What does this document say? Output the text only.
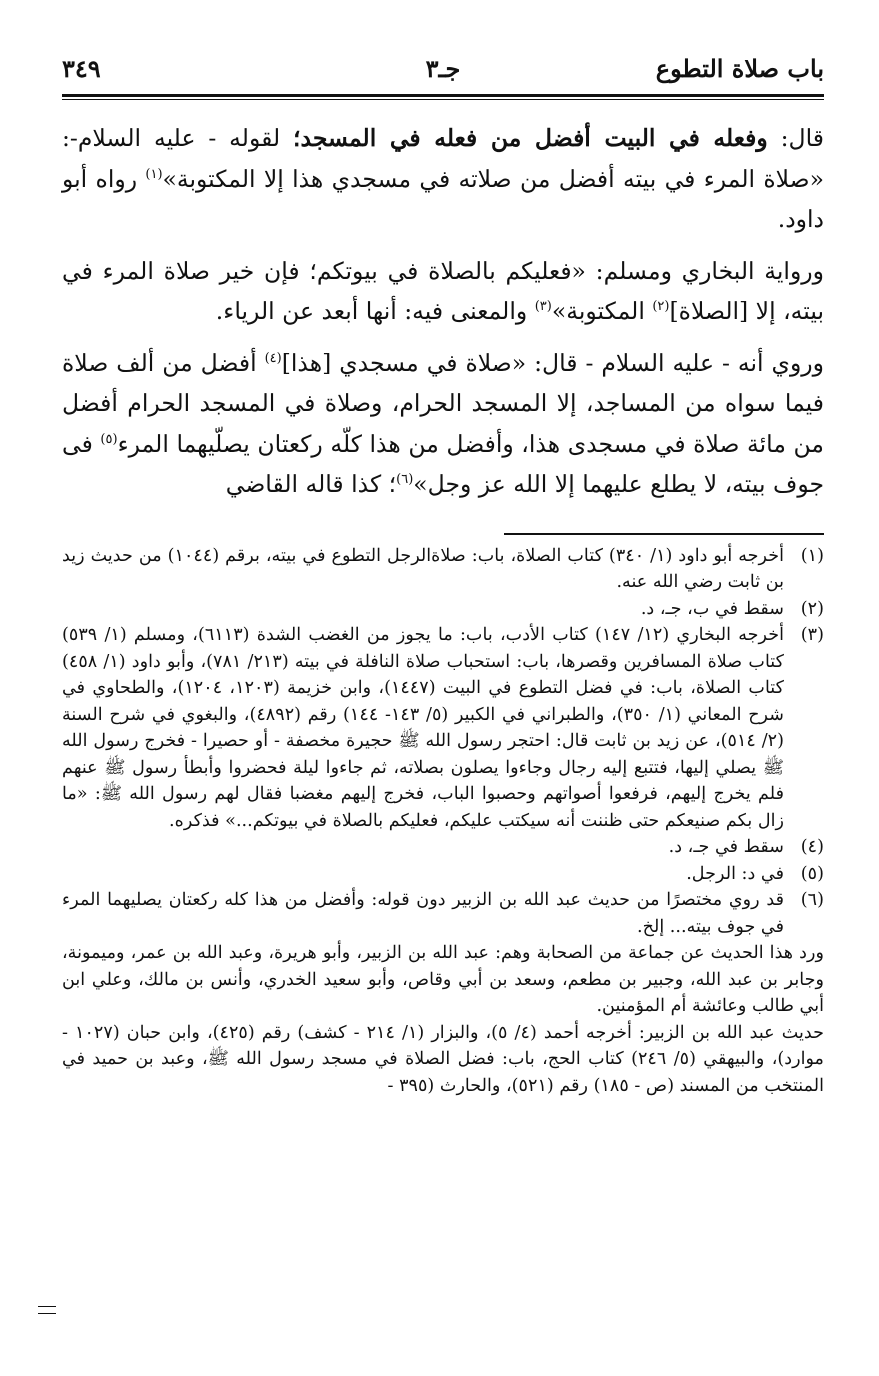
باب صلاة التطوع
جـ٣
٣٤٩

قال: وفعله في البيت أفضل من فعله في المسجد؛ لقوله - عليه السلام-: «صلاة المرء في بيته أفضل من صلاته في مسجدي هذا إلا المكتوبة»$^{(١)}$ رواه أبو داود.

ورواية البخاري ومسلم: «فعليكم بالصلاة في بيوتكم؛ فإن خير صلاة المرء في بيته، إلا [الصلاة]$^{(٢)}$ المكتوبة»$^{(٣)}$ والمعنى فيه: أنها أبعد عن الرياء.

وروي أنه - عليه السلام - قال: «صلاة في مسجدي [هذا]$^{(٤)}$ أفضل من ألف صلاة فيما سواه من المساجد، إلا المسجد الحرام، وصلاة في المسجد الحرام أفضل من مائة صلاة في مسجدى هذا، وأفضل من هذا كلّه ركعتان يصلّيهما المرء$^{(٥)}$ فى جوف بيته، لا يطلع عليهما إلا الله عز وجل»$^{(٦)}$؛ كذا قاله القاضي

(١)
أخرجه أبو داود (١/ ٣٤٠) كتاب الصلاة، باب: صلاةالرجل التطوع في بيته، برقم (١٠٤٤) من حديث زيد بن ثابت رضي الله عنه.
(٢)
سقط في ب، جـ، د.
(٣)
أخرجه البخاري (١٢/ ١٤٧) كتاب الأدب، باب: ما يجوز من الغضب الشدة (٦١١٣)، ومسلم (١/ ٥٣٩) كتاب صلاة المسافرين وقصرها، باب: استحباب صلاة النافلة في بيته (٢١٣/ ٧٨١)، وأبو داود (١/ ٤٥٨) كتاب الصلاة، باب: في فضل التطوع في البيت (١٤٤٧)، وابن خزيمة (١٢٠٣، ١٢٠٤)، والطحاوي في شرح المعاني (١/ ٣٥٠)، والطبراني في الكبير (٥/ ١٤٣- ١٤٤) رقم (٤٨٩٢)، والبغوي في شرح السنة (٢/ ٥١٤)، عن زيد بن ثابت قال: احتجر رسول الله ﷺ حجيرة مخصفة - أو حصيرا - فخرج رسول الله ﷺ يصلي إليها، فتتبع إليه رجال وجاءوا يصلون بصلاته، ثم جاءوا ليلة فحضروا وأبطأ رسول ﷺ عنهم فلم يخرج إليهم، فرفعوا أصواتهم وحصبوا الباب، فخرج إليهم مغضبا فقال لهم رسول الله ﷺ: «ما زال بكم صنيعكم حتى ظننت أنه سيكتب عليكم، فعليكم بالصلاة في بيوتكم...» فذكره.
(٤)
سقط في جـ، د.
(٥)
في د: الرجل.
(٦)
قد روي مختصرًا من حديث عبد الله بن الزبير دون قوله: وأفضل من هذا كله ركعتان يصليهما المرء في جوف بيته... إلخ.
ورد هذا الحديث عن جماعة من الصحابة وهم: عبد الله بن الزبير، وأبو هريرة، وعبد الله بن عمر، وميمونة، وجابر بن عبد الله، وجبير بن مطعم، وسعد بن أبي وقاص، وأبو سعيد الخدري، وأنس بن مالك، وعلي ابن أبي طالب وعائشة أم المؤمنين.
حديث عبد الله بن الزبير: أخرجه أحمد (٤/ ٥)، والبزار (١/ ٢١٤ - كشف) رقم (٤٢٥)، وابن حبان (١٠٢٧ - موارد)، والبيهقي (٥/ ٢٤٦) كتاب الحج، باب: فضل الصلاة في مسجد رسول الله ﷺ، وعبد بن حميد في المنتخب من المسند (ص - ١٨٥) رقم (٥٢١)، والحارث (٣٩٥ -
